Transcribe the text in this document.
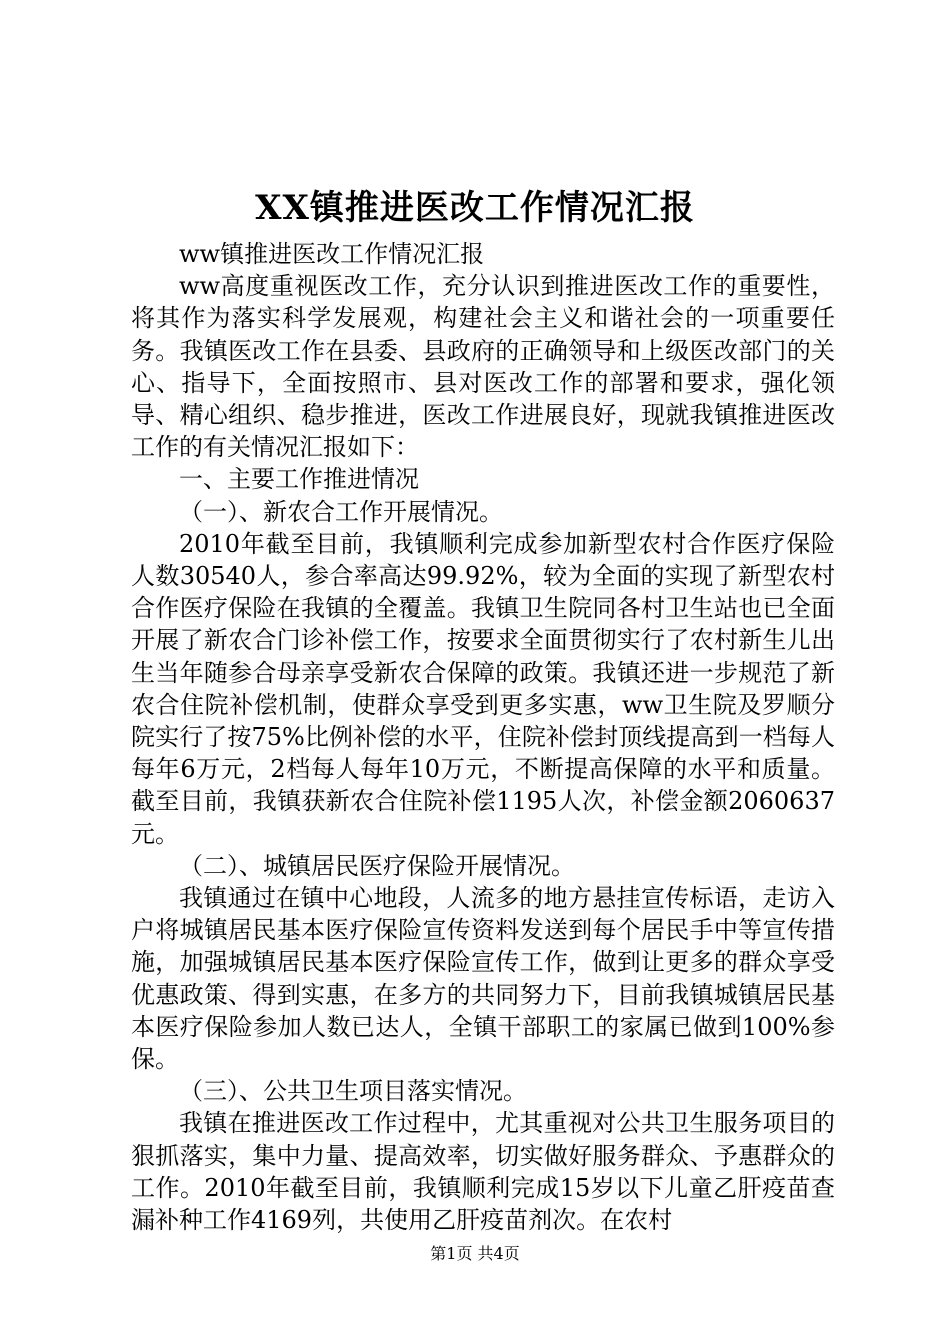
XX镇推进医改工作情况汇报

ww镇推进医改工作情况汇报

ww高度重视医改工作，充分认识到推进医改工作的重要性，将其作为落实科学发展观，构建社会主义和谐社会的一项重要任务。我镇医改工作在县委、县政府的正确领导和上级医改部门的关心、指导下，全面按照市、县对医改工作的部署和要求，强化领导、精心组织、稳步推进，医改工作进展良好，现就我镇推进医改工作的有关情况汇报如下：

一、主要工作推进情况

（一）、新农合工作开展情况。

2010年截至目前，我镇顺利完成参加新型农村合作医疗保险人数30540人，参合率高达99.92%，较为全面的实现了新型农村合作医疗保险在我镇的全覆盖。我镇卫生院同各村卫生站也已全面开展了新农合门诊补偿工作，按要求全面贯彻实行了农村新生儿出生当年随参合母亲享受新农合保障的政策。我镇还进一步规范了新农合住院补偿机制，使群众享受到更多实惠，ww卫生院及罗顺分院实行了按75%比例补偿的水平，住院补偿封顶线提高到一档每人每年6万元，2档每人每年10万元，不断提高保障的水平和质量。截至目前，我镇获新农合住院补偿1195人次，补偿金额2060637元。

（二）、城镇居民医疗保险开展情况。

我镇通过在镇中心地段，人流多的地方悬挂宣传标语，走访入户将城镇居民基本医疗保险宣传资料发送到每个居民手中等宣传措施，加强城镇居民基本医疗保险宣传工作，做到让更多的群众享受优惠政策、得到实惠，在多方的共同努力下，目前我镇城镇居民基本医疗保险参加人数已达人，全镇干部职工的家属已做到100%参保。

（三）、公共卫生项目落实情况。

我镇在推进医改工作过程中，尤其重视对公共卫生服务项目的狠抓落实，集中力量、提高效率，切实做好服务群众、予惠群众的工作。2010年截至目前，我镇顺利完成15岁以下儿童乙肝疫苗查漏补种工作4169列，共使用乙肝疫苗剂次。在农村

第1页 共4页
